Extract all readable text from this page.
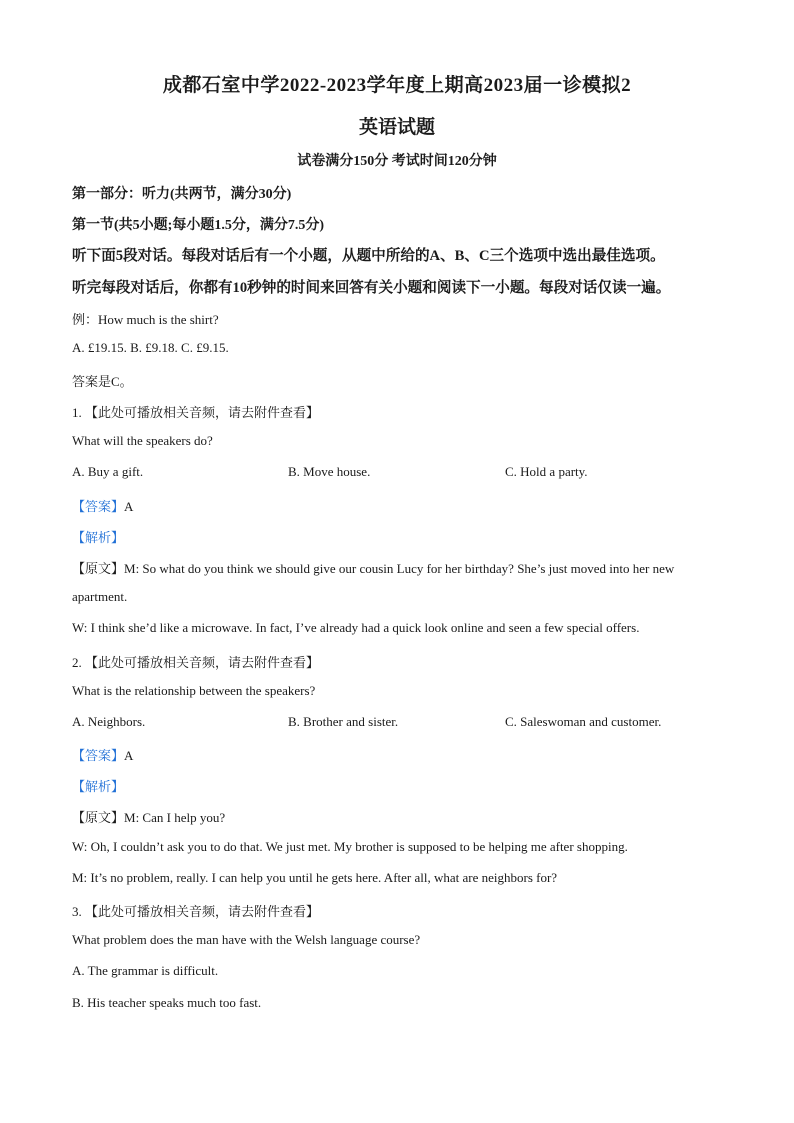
成都石室中学2022-2023学年度上期高2023届一诊模拟2
英语试题
试卷满分150分 考试时间120分钟
第一部分：听力(共两节，满分30分)
第一节(共5小题;每小题1.5分，满分7.5分)
听下面5段对话。每段对话后有一个小题，从题中所给的A、B、C三个选项中选出最佳选项。
听完每段对话后，你都有10秒钟的时间来回答有关小题和阅读下一小题。每段对话仅读一遍。
例：How much is the shirt?
A. £19.15. B. £9.18. C. £9.15.
答案是C。
1. 【此处可播放相关音频，请去附件查看】
What will the speakers do?
A. Buy a gift.	B. Move house.	C. Hold a party.
【答案】A
【解析】
【原文】M: So what do you think we should give our cousin Lucy for her birthday? She’s just moved into her new
apartment.
W: I think she’d like a microwave. In fact, I’ve already had a quick look online and seen a few special offers.
2. 【此处可播放相关音频，请去附件查看】
What is the relationship between the speakers?
A. Neighbors.	B. Brother and sister.	C. Saleswoman and customer.
【答案】A
【解析】
【原文】M: Can I help you?
W: Oh, I couldn’t ask you to do that. We just met. My brother is supposed to be helping me after shopping.
M: It’s no problem, really. I can help you until he gets here. After all, what are neighbors for?
3. 【此处可播放相关音频，请去附件查看】
What problem does the man have with the Welsh language course?
A. The grammar is difficult.
B. His teacher speaks much too fast.
